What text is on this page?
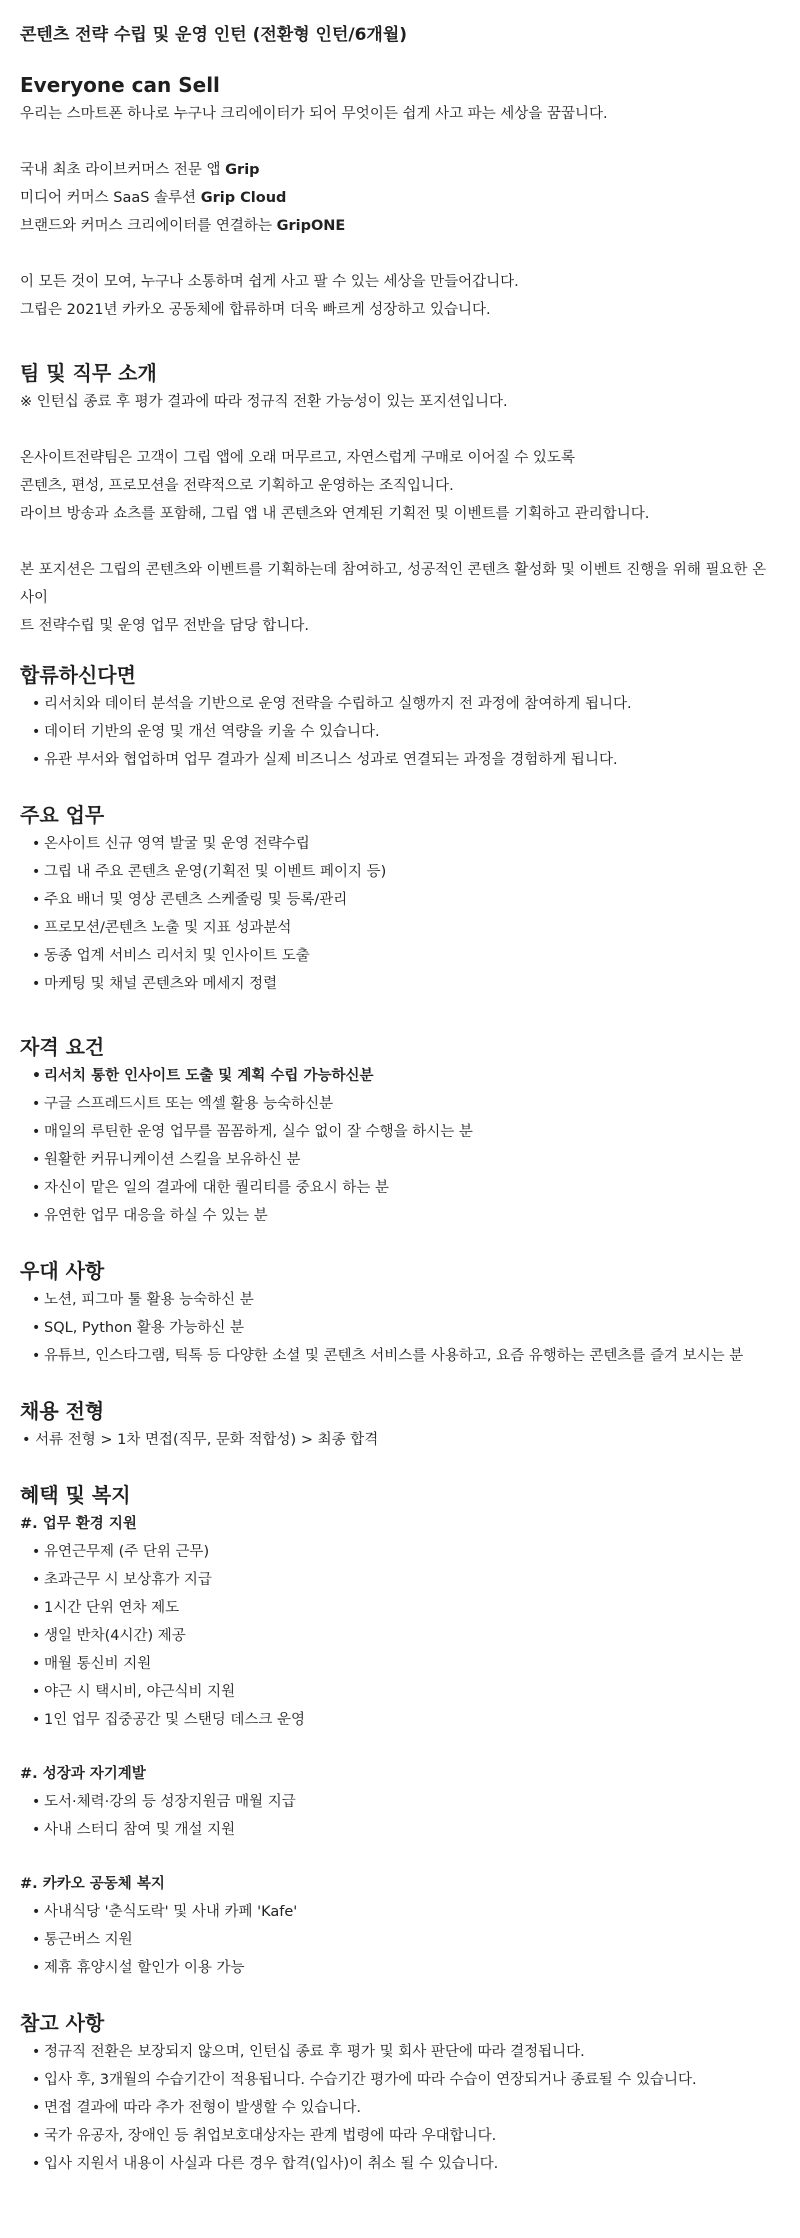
콘텐츠 전략 수립 및 운영 인턴 (전환형 인턴/6개월)
Everyone can Sell

우리는 스마트폰 하나로 누구나 크리에이터가 되어 무엇이든 쉽게 사고 파는 세상을 꿈꿉니다.

국내 최초 라이브커머스 전문 앱 Grip

미디어 커머스 SaaS 솔루션 Grip Cloud

브랜드와 커머스 크리에이터를 연결하는 GripONE

이 모든 것이 모여, 누구나 소통하며 쉽게 사고 팔 수 있는 세상을 만들어갑니다.

그립은 2021년 카카오 공동체에 합류하며 더욱 빠르게 성장하고 있습니다.

팀 및 직무 소개

※ 인턴십 종료 후 평가 결과에 따라 정규직 전환 가능성이 있는 포지션입니다.

온사이트전략팀은 고객이 그립 앱에 오래 머무르고, 자연스럽게 구매로 이어질 수 있도록

콘텐츠, 편성, 프로모션을 전략적으로 기획하고 운영하는 조직입니다.

라이브 방송과 쇼츠를 포함해, 그립 앱 내 콘텐츠와 연계된 기획전 및 이벤트를 기획하고 관리합니다.

본 포지션은 그립의 콘텐츠와 이벤트를 기획하는데 참여하고, 성공적인 콘텐츠 활성화 및 이벤트 진행을 위해 필요한 온사이

트 전략수립 및 운영 업무 전반을 담당 합니다.

합류하신다면
• 리서치와 데이터 분석을 기반으로 운영 전략을 수립하고 실행까지 전 과정에 참여하게 됩니다.
• 데이터 기반의 운영 및 개선 역량을 키울 수 있습니다.
• 유관 부서와 협업하며 업무 결과가 실제 비즈니스 성과로 연결되는 과정을 경험하게 됩니다.
주요 업무
• 온사이트 신규 영역 발굴 및 운영 전략수립
• 그립 내 주요 콘텐츠 운영(기획전 및 이벤트 페이지 등)
• 주요 배너 및 영상 콘텐츠 스케줄링 및 등록/관리
• 프로모션/콘텐츠 노출 및 지표 성과분석
• 동종 업계 서비스 리서치 및 인사이트 도출
• 마케팅 및 채널 콘텐츠와 메세지 정렬
자격 요건
• 리서치 통한 인사이트 도출 및 계획 수립 가능하신분
• 구글 스프레드시트 또는 엑셀 활용 능숙하신분
• 매일의 루틴한 운영 업무를 꼼꼼하게, 실수 없이 잘 수행을 하시는 분
• 원활한 커뮤니케이션 스킬을 보유하신 분
• 자신이 맡은 일의 결과에 대한 퀄리티를 중요시 하는 분
• 유연한 업무 대응을 하실 수 있는 분
우대 사항
• 노션, 피그마 툴 활용 능숙하신 분
• SQL, Python 활용 가능하신 분
• 유튜브, 인스타그램, 틱톡 등 다양한 소셜 및 콘텐츠 서비스를 사용하고, 요즘 유행하는 콘텐츠를 즐겨 보시는 분
채용 전형

• 서류 전형 > 1차 면접(직무, 문화 적합성) > 최종 합격

혜택 및 복지

#. 업무 환경 지원

• 유연근무제 (주 단위 근무)
• 초과근무 시 보상휴가 지급
• 1시간 단위 연차 제도
• 생일 반차(4시간) 제공
• 매월 통신비 지원
• 야근 시 택시비, 야근식비 지원
• 1인 업무 집중공간 및 스탠딩 데스크 운영

#. 성장과 자기계발

• 도서·체력·강의 등 성장지원금 매월 지급
• 사내 스터디 참여 및 개설 지원

#. 카카오 공동체 복지

• 사내식당 '춘식도락' 및 사내 카페 'Kafe'
• 통근버스 지원
• 제휴 휴양시설 할인가 이용 가능
참고 사항
• 정규직 전환은 보장되지 않으며, 인턴십 종료 후 평가 및 회사 판단에 따라 결정됩니다.
• 입사 후, 3개월의 수습기간이 적용됩니다. 수습기간 평가에 따라 수습이 연장되거나 종료될 수 있습니다.
• 면접 결과에 따라 추가 전형이 발생할 수 있습니다.
• 국가 유공자, 장애인 등 취업보호대상자는 관계 법령에 따라 우대합니다.
• 입사 지원서 내용이 사실과 다른 경우 합격(입사)이 취소 될 수 있습니다.
